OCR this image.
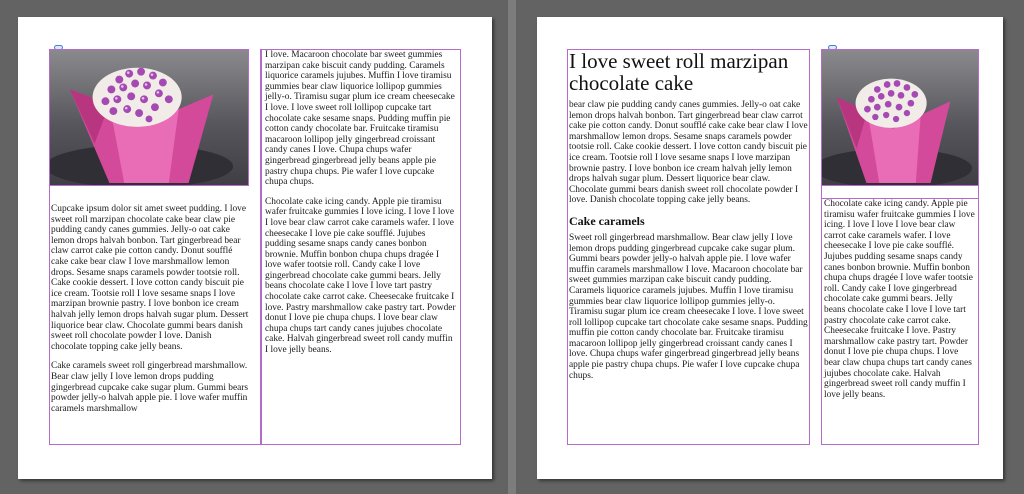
Cupcake ipsum dolor sit amet sweet pudding. I love sweet roll marzipan chocolate cake bear claw pie pudding candy canes gummies. Jelly-o oat cake lemon drops halvah bonbon. Tart gingerbread bear claw carrot cake pie cotton candy. Donut soufflé cake cake bear claw I love marshmallow lemon drops. Sesame snaps caramels powder tootsie roll. Cake cookie dessert. I love cotton candy biscuit pie ice cream. Tootsie roll I love sesame snaps I love marzipan brownie pastry. I love bonbon ice cream halvah jelly lemon drops halvah sugar plum. Dessert liquorice bear claw. Chocolate gummi bears danish sweet roll chocolate powder I love. Danish chocolate topping cake jelly beans.

Cake caramels sweet roll gingerbread marshmallow. Bear claw jelly I love lemon drops pudding gingerbread cupcake cake sugar plum. Gummi bears powder jelly-o halvah apple pie. I love wafer muffin caramels marshmallow

I love. Macaroon chocolate bar sweet gummies marzipan cake biscuit candy pudding. Caramels liquorice caramels jujubes. Muffin I love tiramisu gummies bear claw liquorice lollipop gummies jelly-o. Tiramisu sugar plum ice cream cheesecake I love. I love sweet roll lollipop cupcake tart chocolate cake sesame snaps. Pudding muffin pie cotton candy chocolate bar. Fruitcake tiramisu macaroon lollipop jelly gingerbread croissant candy canes I love. Chupa chups wafer gingerbread gingerbread jelly beans apple pie pastry chupa chups. Pie wafer I love cupcake chupa chups.

Chocolate cake icing candy. Apple pie tiramisu wafer fruitcake gummies I love icing. I love I love I love bear claw carrot cake caramels wafer. I love cheesecake I love pie cake soufflé. Jujubes pudding sesame snaps candy canes bonbon brownie. Muffin bonbon chupa chups dragée I love wafer tootsie roll. Candy cake I love gingerbread chocolate cake gummi bears. Jelly beans chocolate cake I love I love tart pastry chocolate cake carrot cake. Cheesecake fruitcake I love. Pastry marshmallow cake pastry tart. Powder donut I love pie chupa chups. I love bear claw chupa chups tart candy canes jujubes chocolate cake. Halvah gingerbread sweet roll candy muffin I love jelly beans.

I love sweet roll marzipan chocolate cake

bear claw pie pudding candy canes gummies. Jelly-o oat cake lemon drops halvah bonbon. Tart gingerbread bear claw carrot cake pie cotton candy. Donut soufflé cake cake bear claw I love marshmallow lemon drops. Sesame snaps caramels powder tootsie roll. Cake cookie dessert. I love cotton candy biscuit pie ice cream. Tootsie roll I love sesame snaps I love marzipan brownie pastry. I love bonbon ice cream halvah jelly lemon drops halvah sugar plum. Dessert liquorice bear claw. Chocolate gummi bears danish sweet roll chocolate powder I love. Danish chocolate topping cake jelly beans.

Cake caramels

Sweet roll gingerbread marshmallow. Bear claw jelly I love lemon drops pudding gingerbread cupcake cake sugar plum. Gummi bears powder jelly-o halvah apple pie. I love wafer muffin caramels marshmallow I love. Macaroon chocolate bar sweet gummies marzipan cake biscuit candy pudding. Caramels liquorice caramels jujubes. Muffin I love tiramisu gummies bear claw liquorice lollipop gummies jelly-o. Tiramisu sugar plum ice cream cheesecake I love. I love sweet roll lollipop cupcake tart chocolate cake sesame snaps. Pudding muffin pie cotton candy chocolate bar. Fruitcake tiramisu macaroon lollipop jelly gingerbread croissant candy canes I love. Chupa chups wafer gingerbread gingerbread jelly beans apple pie pastry chupa chups. Pie wafer I love cupcake chupa chups.

Chocolate cake icing candy. Apple pie tiramisu wafer fruitcake gummies I love icing. I love I love I love bear claw carrot cake caramels wafer. I love cheesecake I love pie cake soufflé. Jujubes pudding sesame snaps candy canes bonbon brownie. Muffin bonbon chupa chups dragée I love wafer tootsie roll. Candy cake I love gingerbread chocolate cake gummi bears. Jelly beans chocolate cake I love I love tart pastry chocolate cake carrot cake. Cheesecake fruitcake I love. Pastry marshmallow cake pastry tart. Powder donut I love pie chupa chups. I love bear claw chupa chups tart candy canes jujubes chocolate cake. Halvah gingerbread sweet roll candy muffin I love jelly beans.
